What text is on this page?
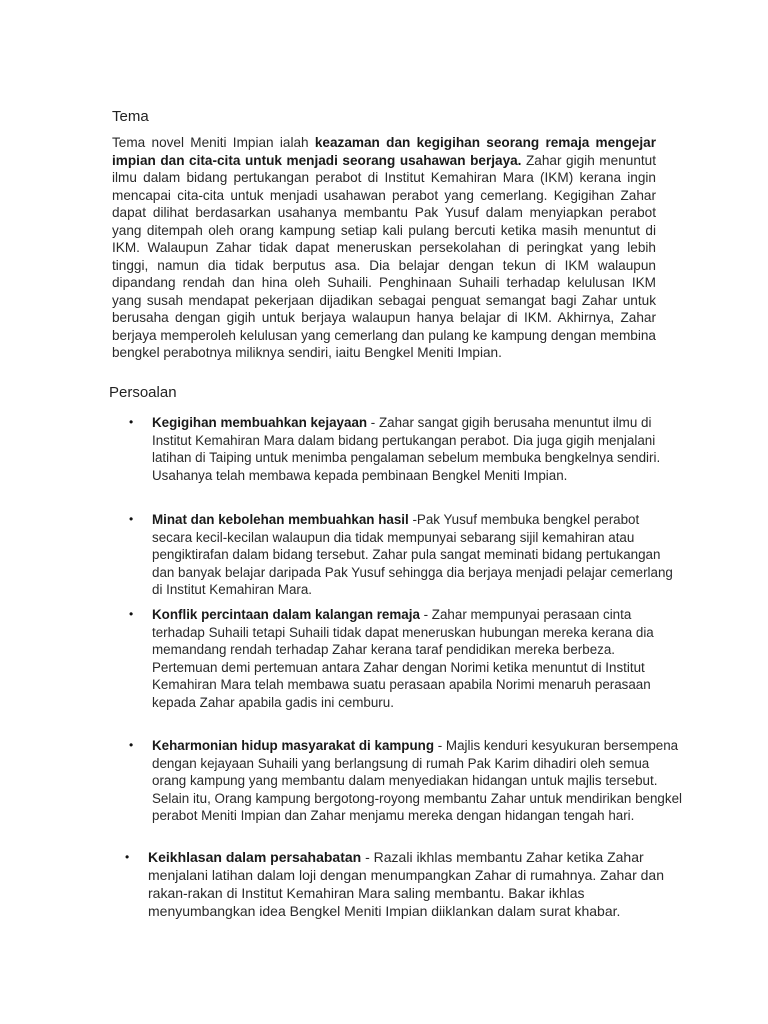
Tema

Tema novel Meniti Impian ialah keazaman dan kegigihan seorang remaja mengejar impian dan cita-cita untuk menjadi seorang usahawan berjaya. Zahar gigih menuntut ilmu dalam bidang pertukangan perabot di Institut Kemahiran Mara (IKM) kerana ingin mencapai cita-cita untuk menjadi usahawan perabot yang cemerlang. Kegigihan Zahar dapat dilihat berdasarkan usahanya membantu Pak Yusuf dalam menyiapkan perabot yang ditempah oleh orang kampung setiap kali pulang bercuti ketika masih menuntut di IKM. Walaupun Zahar tidak dapat meneruskan persekolahan di peringkat yang lebih tinggi, namun dia tidak berputus asa. Dia belajar dengan tekun di IKM walaupun dipandang rendah dan hina oleh Suhaili. Penghinaan Suhaili terhadap kelulusan IKM yang susah mendapat pekerjaan dijadikan sebagai penguat semangat bagi Zahar untuk berusaha dengan gigih untuk berjaya walaupun hanya belajar di IKM. Akhirnya, Zahar berjaya memperoleh kelulusan yang cemerlang dan pulang ke kampung dengan membina bengkel perabotnya miliknya sendiri, iaitu Bengkel Meniti Impian.

Persoalan

• Kegigihan membuahkan kejayaan - Zahar sangat gigih berusaha menuntut ilmu di Institut Kemahiran Mara dalam bidang pertukangan perabot. Dia juga gigih menjalani latihan di Taiping untuk menimba pengalaman sebelum membuka bengkelnya sendiri. Usahanya telah membawa kepada pembinaan Bengkel Meniti Impian.

• Minat dan kebolehan membuahkan hasil -Pak Yusuf membuka bengkel perabot secara kecil-kecilan walaupun dia tidak mempunyai sebarang sijil kemahiran atau pengiktirafan dalam bidang tersebut. Zahar pula sangat meminati bidang pertukangan dan banyak belajar daripada Pak Yusuf sehingga dia berjaya menjadi pelajar cemerlang di Institut Kemahiran Mara.

• Konflik percintaan dalam kalangan remaja - Zahar mempunyai perasaan cinta terhadap Suhaili tetapi Suhaili tidak dapat meneruskan hubungan mereka kerana dia memandang rendah terhadap Zahar kerana taraf pendidikan mereka berbeza. Pertemuan demi pertemuan antara Zahar dengan Norimi ketika menuntut di Institut Kemahiran Mara telah membawa suatu perasaan apabila Norimi menaruh perasaan kepada Zahar apabila gadis ini cemburu.

• Keharmonian hidup masyarakat di kampung - Majlis kenduri kesyukuran bersempena dengan kejayaan Suhaili yang berlangsung di rumah Pak Karim dihadiri oleh semua orang kampung yang membantu dalam menyediakan hidangan untuk majlis tersebut. Selain itu, Orang kampung bergotong-royong membantu Zahar untuk mendirikan bengkel perabot Meniti Impian dan Zahar menjamu mereka dengan hidangan tengah hari.

• Keikhlasan dalam persahabatan - Razali ikhlas membantu Zahar ketika Zahar menjalani latihan dalam loji dengan menumpangkan Zahar di rumahnya. Zahar dan rakan-rakan di Institut Kemahiran Mara saling membantu. Bakar ikhlas menyumbangkan idea Bengkel Meniti Impian diiklankan dalam surat khabar.
